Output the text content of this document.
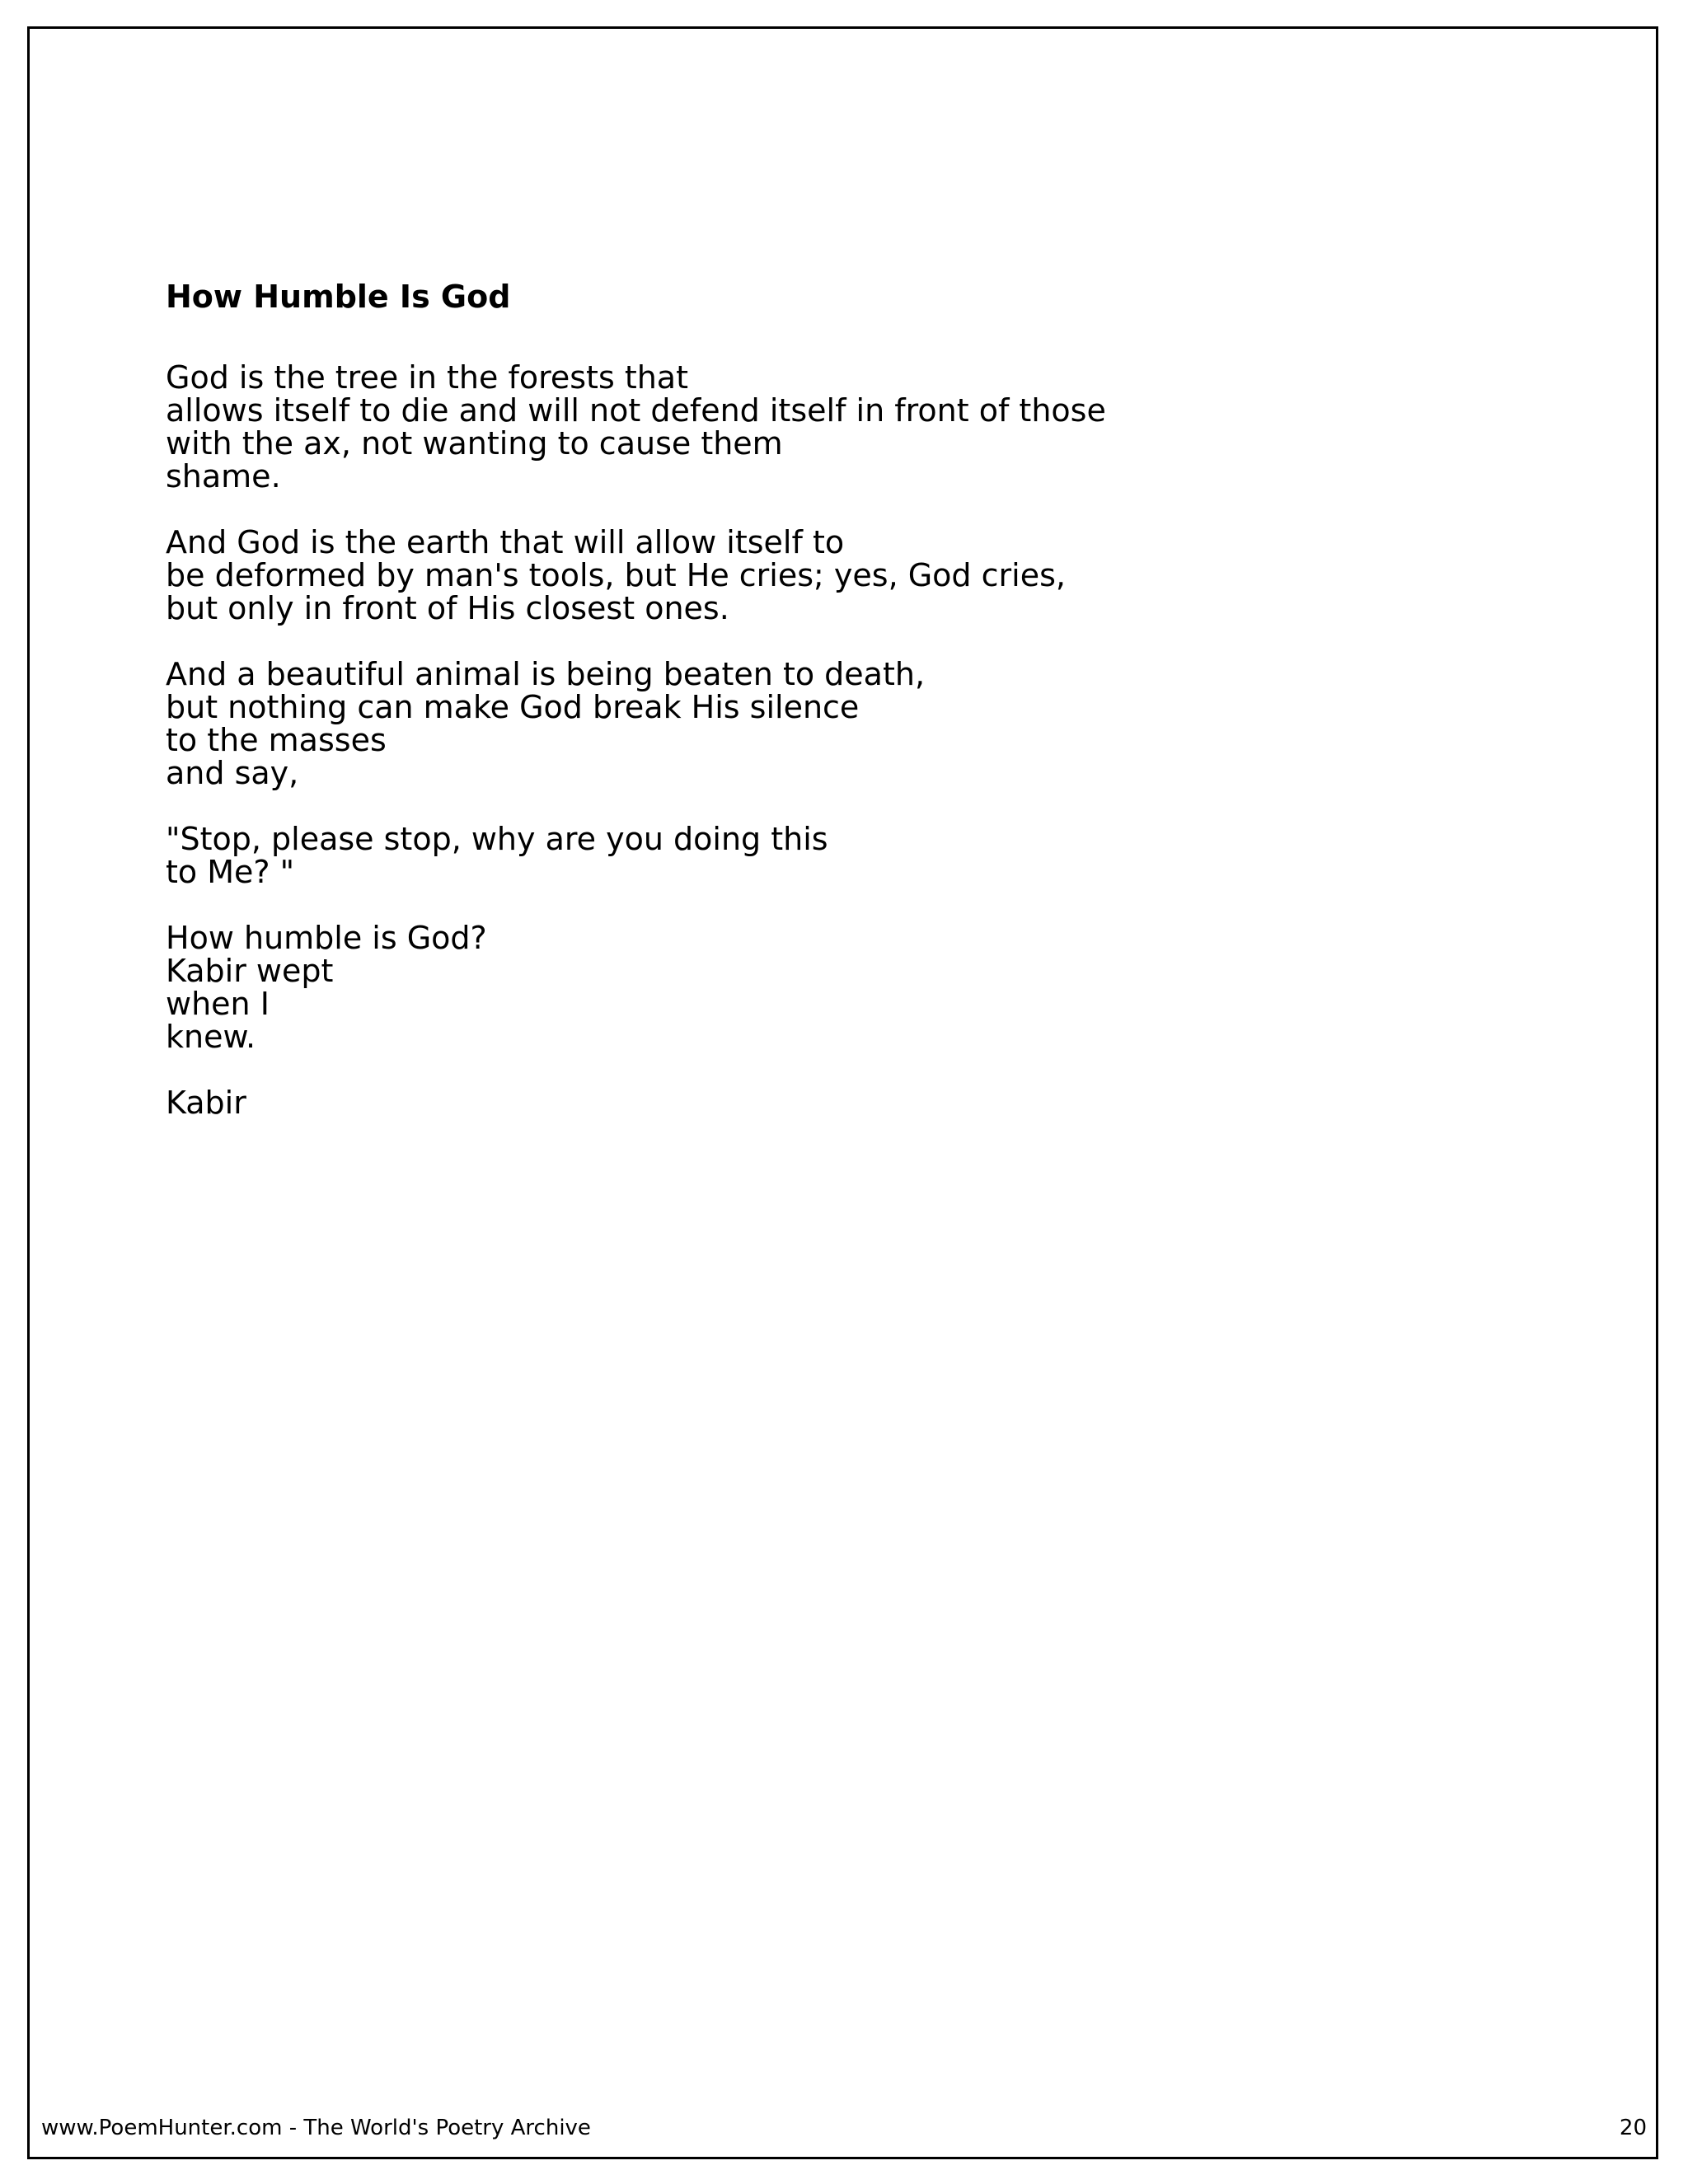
How Humble Is God
God is the tree in the forests that
allows itself to die and will not defend itself in front of those
with the ax, not wanting to cause them
shame.
And God is the earth that will allow itself to
be deformed by man's tools, but He cries; yes, God cries,
but only in front of His closest ones.
And a beautiful animal is being beaten to death,
but nothing can make God break His silence
to the masses
and say,
"Stop, please stop, why are you doing this
to Me? "
How humble is God?
Kabir wept
when I
knew.
Kabir
www.PoemHunter.com - The World's Poetry Archive	20
